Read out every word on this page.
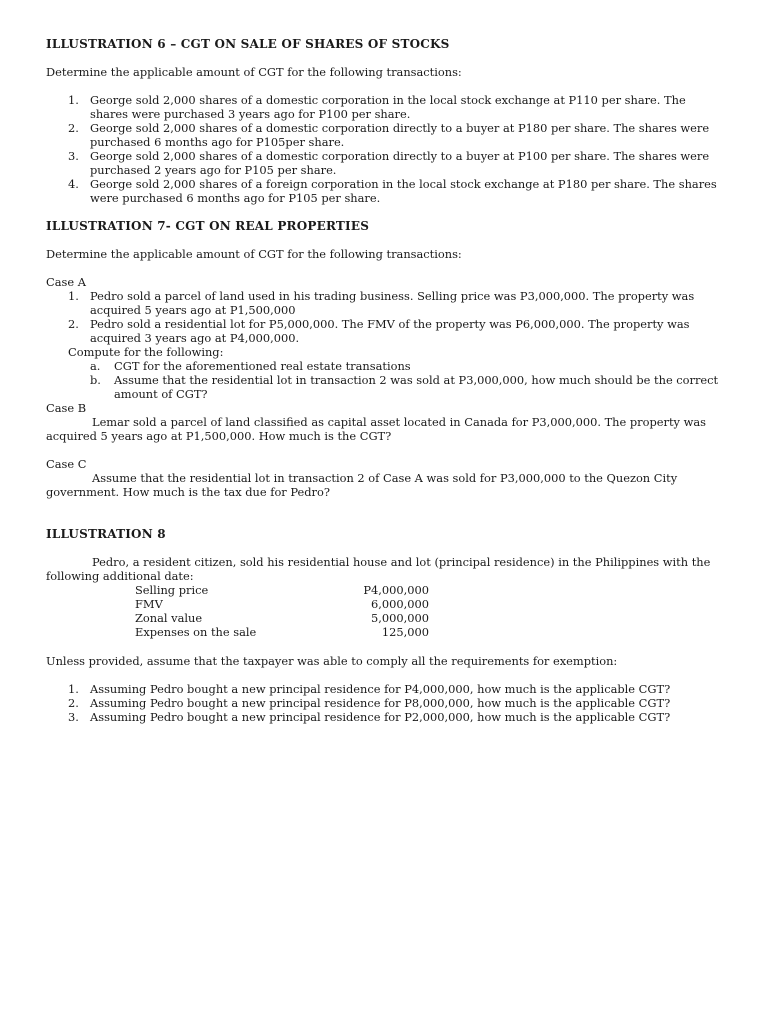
ILLUSTRATION 6 – CGT ON SALE OF SHARES OF STOCKS
Determine the applicable amount of CGT for the following transactions:
1. George sold 2,000 shares of a domestic corporation in the local stock exchange at P110 per share. The shares were purchased 3 years ago for P100 per share.
2. George sold 2,000 shares of a domestic corporation directly to a buyer at P180 per share. The shares were purchased 6 months ago for P105per share.
3. George sold 2,000 shares of a domestic corporation directly to a buyer at P100 per share. The shares were purchased 2 years ago for P105 per share.
4. George sold 2,000 shares of a foreign corporation in the local stock exchange at P180 per share. The shares were purchased 6 months ago for P105 per share.
ILLUSTRATION 7- CGT ON REAL PROPERTIES
Determine the applicable amount of CGT for the following transactions:
Case A
1. Pedro sold a parcel of land used in his trading business. Selling price was P3,000,000. The property was acquired 5 years ago at P1,500,000
2. Pedro sold a residential lot for P5,000,000. The FMV of the property was P6,000,000. The property was acquired 3 years ago at P4,000,000.
Compute for the following:
a.	CGT for the aforementioned real estate transations
b.	Assume that the residential lot in transaction 2 was sold at P3,000,000, how much should be the correct amount of CGT?
Case B
Lemar sold a parcel of land classified as capital asset located in Canada for P3,000,000. The property was acquired 5 years ago at P1,500,000. How much is the CGT?
Case C
Assume that the residential lot in transaction 2 of Case A was sold for P3,000,000 to the Quezon City government. How much is the tax due for Pedro?
ILLUSTRATION 8
Pedro, a resident citizen, sold his residential house and lot (principal residence) in the Philippines with the following additional date:
Selling price	P4,000,000
FMV	6,000,000
Zonal value	5,000,000
Expenses on the sale	125,000
Unless provided, assume that the taxpayer was able to comply all the requirements for exemption:
1. Assuming Pedro bought a new principal residence for P4,000,000, how much is the applicable CGT?
2. Assuming Pedro bought a new principal residence for P8,000,000, how much is the applicable CGT?
3. Assuming Pedro bought a new principal residence for P2,000,000, how much is the applicable CGT?
